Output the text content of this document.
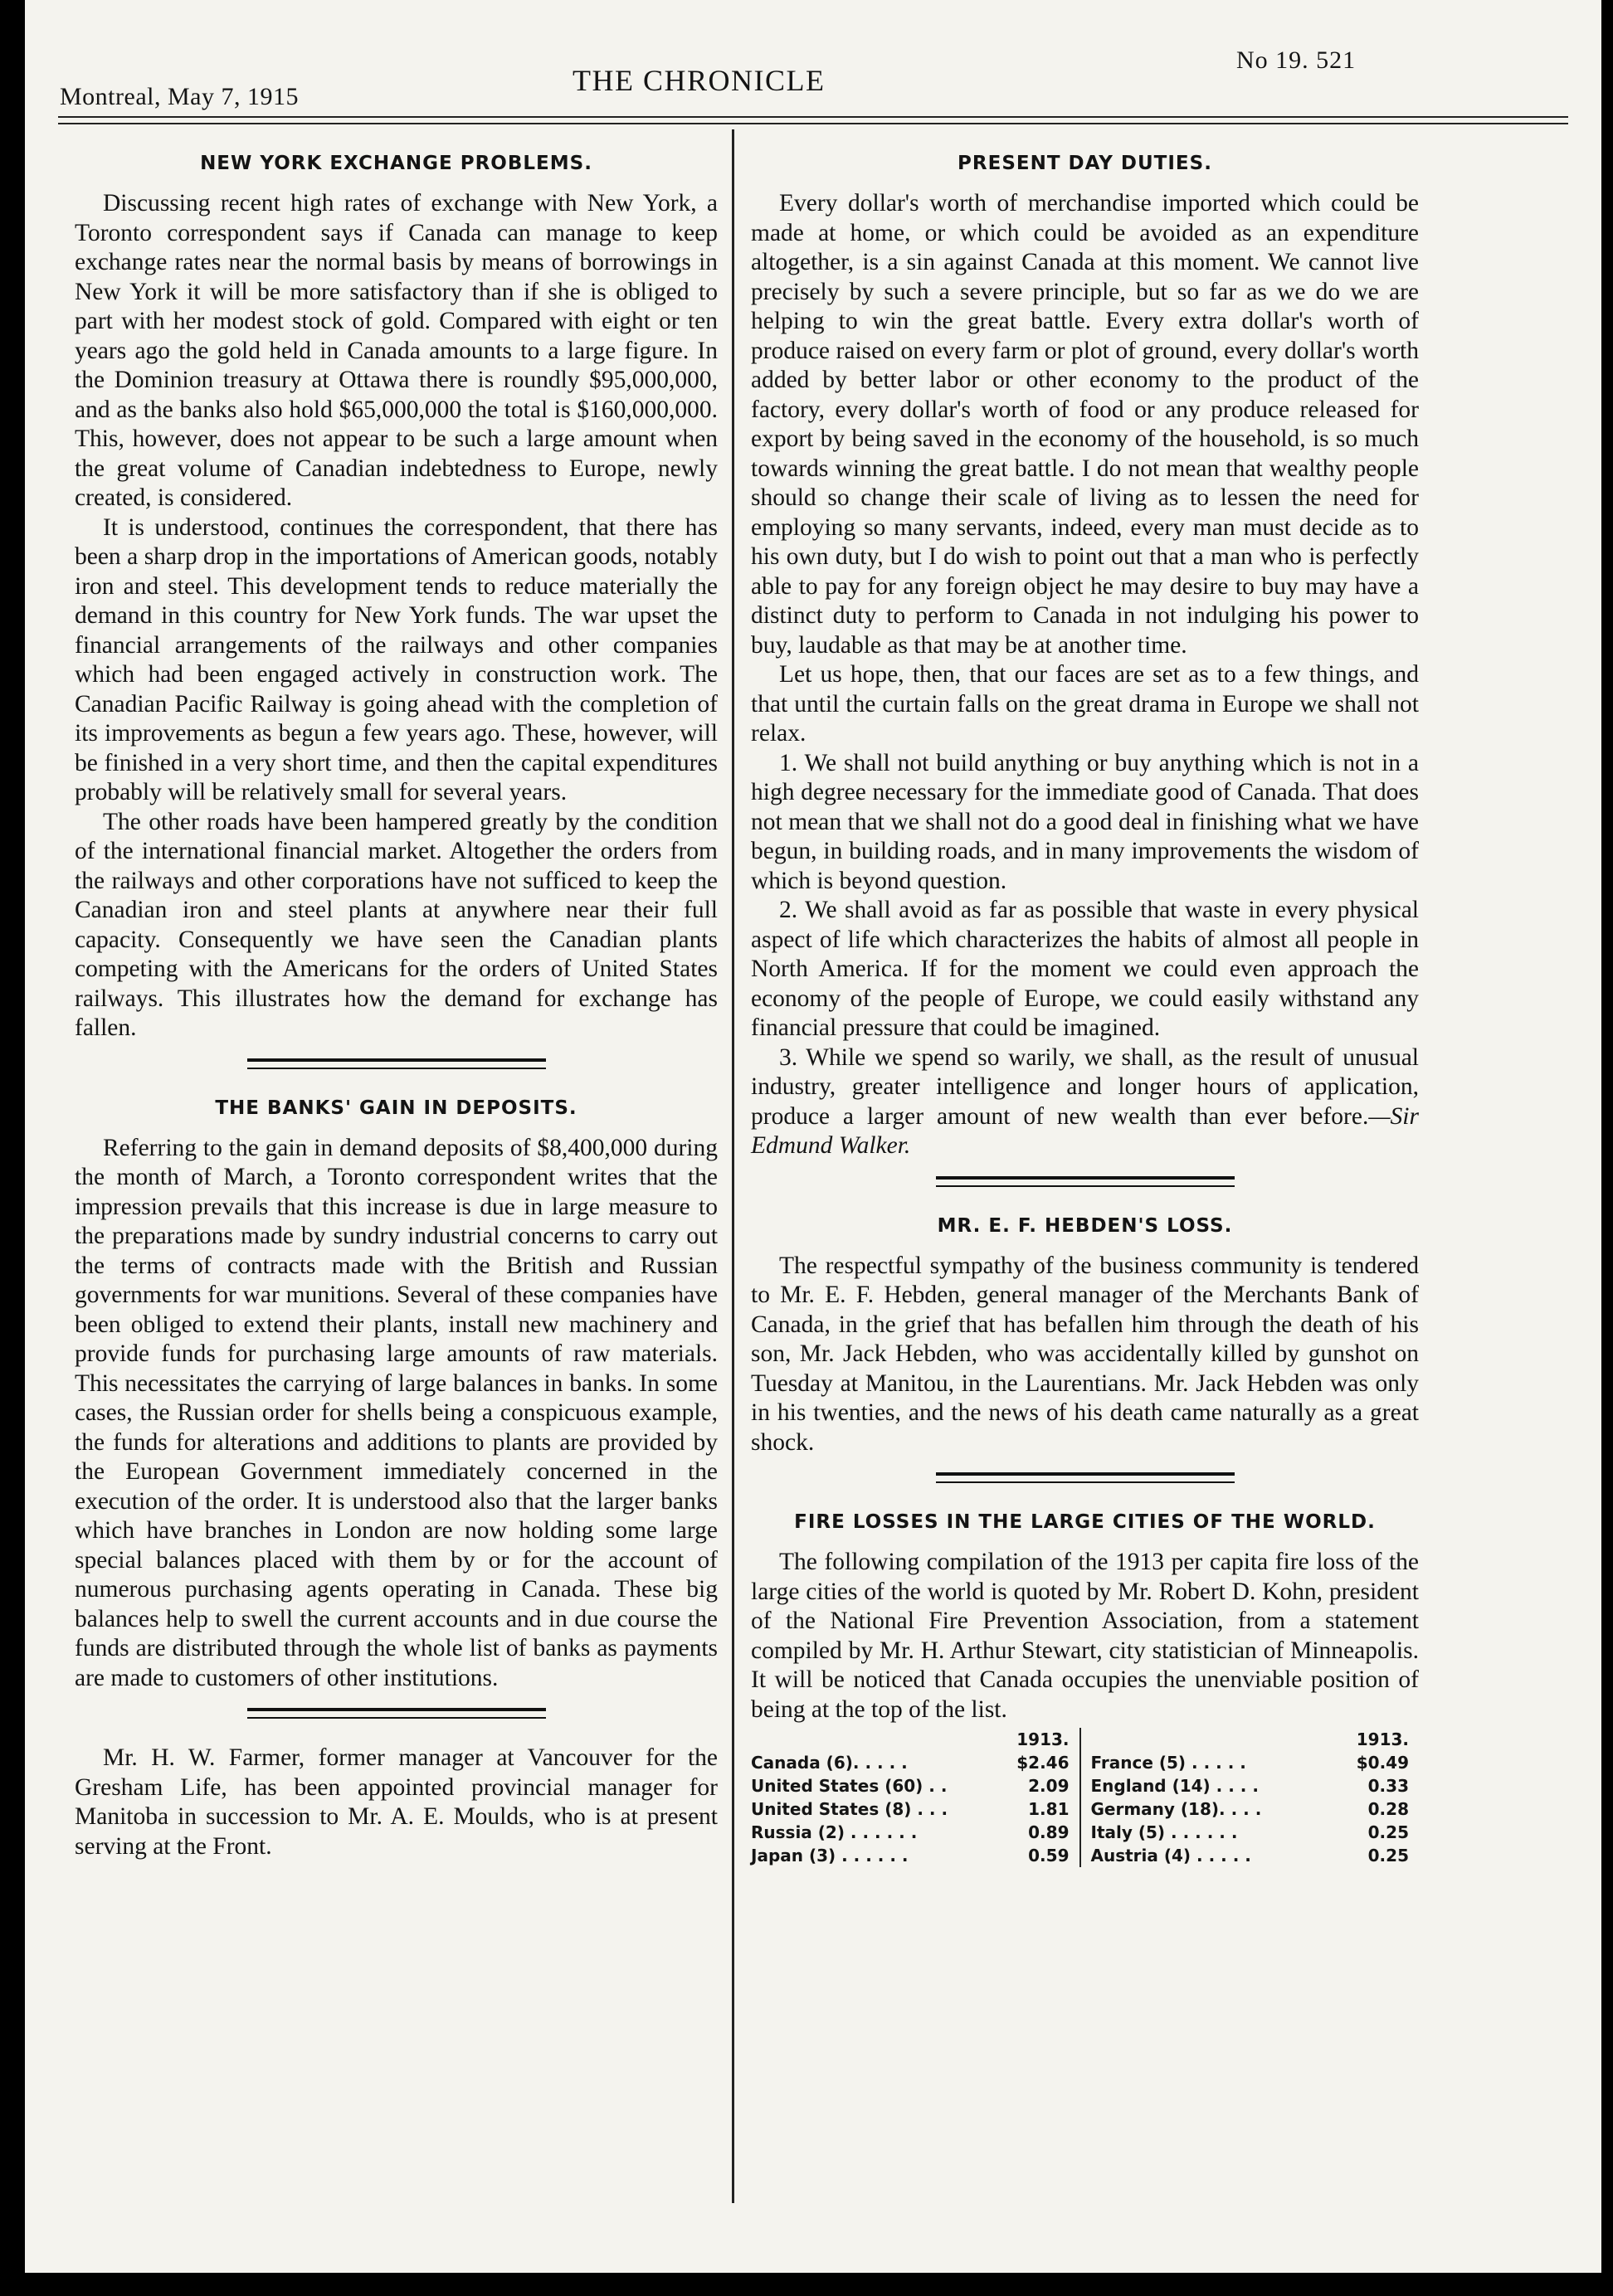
Montreal, May 7, 1915	THE CHRONICLE
No 19. 521
NEW YORK EXCHANGE PROBLEMS.

Discussing recent high rates of exchange with New York, a Toronto correspondent says if Canada can manage to keep exchange rates near the normal basis by means of borrowings in New York it will be more satisfactory than if she is obliged to part with her modest stock of gold. Compared with eight or ten years ago the gold held in Canada amounts to a large figure. In the Dominion treasury at Ottawa there is roundly $95,000,000, and as the banks also hold $65,000,000 the total is $160,000,000. This, however, does not appear to be such a large amount when the great volume of Canadian indebtedness to Europe, newly created, is considered.

It is understood, continues the correspondent, that there has been a sharp drop in the importations of American goods, notably iron and steel. This development tends to reduce materially the demand in this country for New York funds. The war upset the financial arrangements of the railways and other companies which had been engaged actively in construction work. The Canadian Pacific Railway is going ahead with the completion of its improvements as begun a few years ago. These, however, will be finished in a very short time, and then the capital expenditures probably will be relatively small for several years.

The other roads have been hampered greatly by the condition of the international financial market. Altogether the orders from the railways and other corporations have not sufficed to keep the Canadian iron and steel plants at anywhere near their full capacity. Consequently we have seen the Canadian plants competing with the Americans for the orders of United States railways. This illustrates how the demand for exchange has fallen.

THE BANKS' GAIN IN DEPOSITS.

Referring to the gain in demand deposits of $8,400,000 during the month of March, a Toronto correspondent writes that the impression prevails that this increase is due in large measure to the preparations made by sundry industrial concerns to carry out the terms of contracts made with the British and Russian governments for war munitions. Several of these companies have been obliged to extend their plants, install new machinery and provide funds for purchasing large amounts of raw materials. This necessitates the carrying of large balances in banks. In some cases, the Russian order for shells being a conspicuous example, the funds for alterations and additions to plants are provided by the European Government immediately concerned in the execution of the order. It is understood also that the larger banks which have branches in London are now holding some large special balances placed with them by or for the account of numerous purchasing agents operating in Canada. These big balances help to swell the current accounts and in due course the funds are distributed through the whole list of banks as payments are made to customers of other institutions.

Mr. H. W. Farmer, former manager at Vancouver for the Gresham Life, has been appointed provincial manager for Manitoba in succession to Mr. A. E. Moulds, who is at present serving at the Front.

PRESENT DAY DUTIES.

Every dollar's worth of merchandise imported which could be made at home, or which could be avoided as an expenditure altogether, is a sin against Canada at this moment. We cannot live precisely by such a severe principle, but so far as we do we are helping to win the great battle. Every extra dollar's worth of produce raised on every farm or plot of ground, every dollar's worth added by better labor or other economy to the product of the factory, every dollar's worth of food or any produce released for export by being saved in the economy of the household, is so much towards winning the great battle. I do not mean that wealthy people should so change their scale of living as to lessen the need for employing so many servants, indeed, every man must decide as to his own duty, but I do wish to point out that a man who is perfectly able to pay for any foreign object he may desire to buy may have a distinct duty to perform to Canada in not indulging his power to buy, laudable as that may be at another time.

Let us hope, then, that our faces are set as to a few things, and that until the curtain falls on the great drama in Europe we shall not relax.

1. We shall not build anything or buy anything which is not in a high degree necessary for the immediate good of Canada. That does not mean that we shall not do a good deal in finishing what we have begun, in building roads, and in many improvements the wisdom of which is beyond question.

2. We shall avoid as far as possible that waste in every physical aspect of life which characterizes the habits of almost all people in North America. If for the moment we could even approach the economy of the people of Europe, we could easily withstand any financial pressure that could be imagined.

3. While we spend so warily, we shall, as the result of unusual industry, greater intelligence and longer hours of application, produce a larger amount of new wealth than ever before.—Sir Edmund Walker.

MR. E. F. HEBDEN'S LOSS.

The respectful sympathy of the business community is tendered to Mr. E. F. Hebden, general manager of the Merchants Bank of Canada, in the grief that has befallen him through the death of his son, Mr. Jack Hebden, who was accidentally killed by gunshot on Tuesday at Manitou, in the Laurentians. Mr. Jack Hebden was only in his twenties, and the news of his death came naturally as a great shock.

FIRE LOSSES IN THE LARGE CITIES OF THE WORLD.

The following compilation of the 1913 per capita fire loss of the large cities of the world is quoted by Mr. Robert D. Kohn, president of the National Fire Prevention Association, from a statement compiled by Mr. H. Arthur Stewart, city statistician of Minneapolis. It will be noticed that Canada occupies the unenviable position of being at the top of the list.

1913.
Canada (6). . . . .	$2.46
United States (60) . .	2.09
United States (8) . . .	1.81
Russia (2) . . . . . .	0.89
Japan (3) . . . . . .	0.59
1913.
France (5) . . . . .	$0.49
England (14) . . . .	0.33
Germany (18). . . .	0.28
Italy (5) . . . . . .	0.25
Austria (4) . . . . .	0.25
